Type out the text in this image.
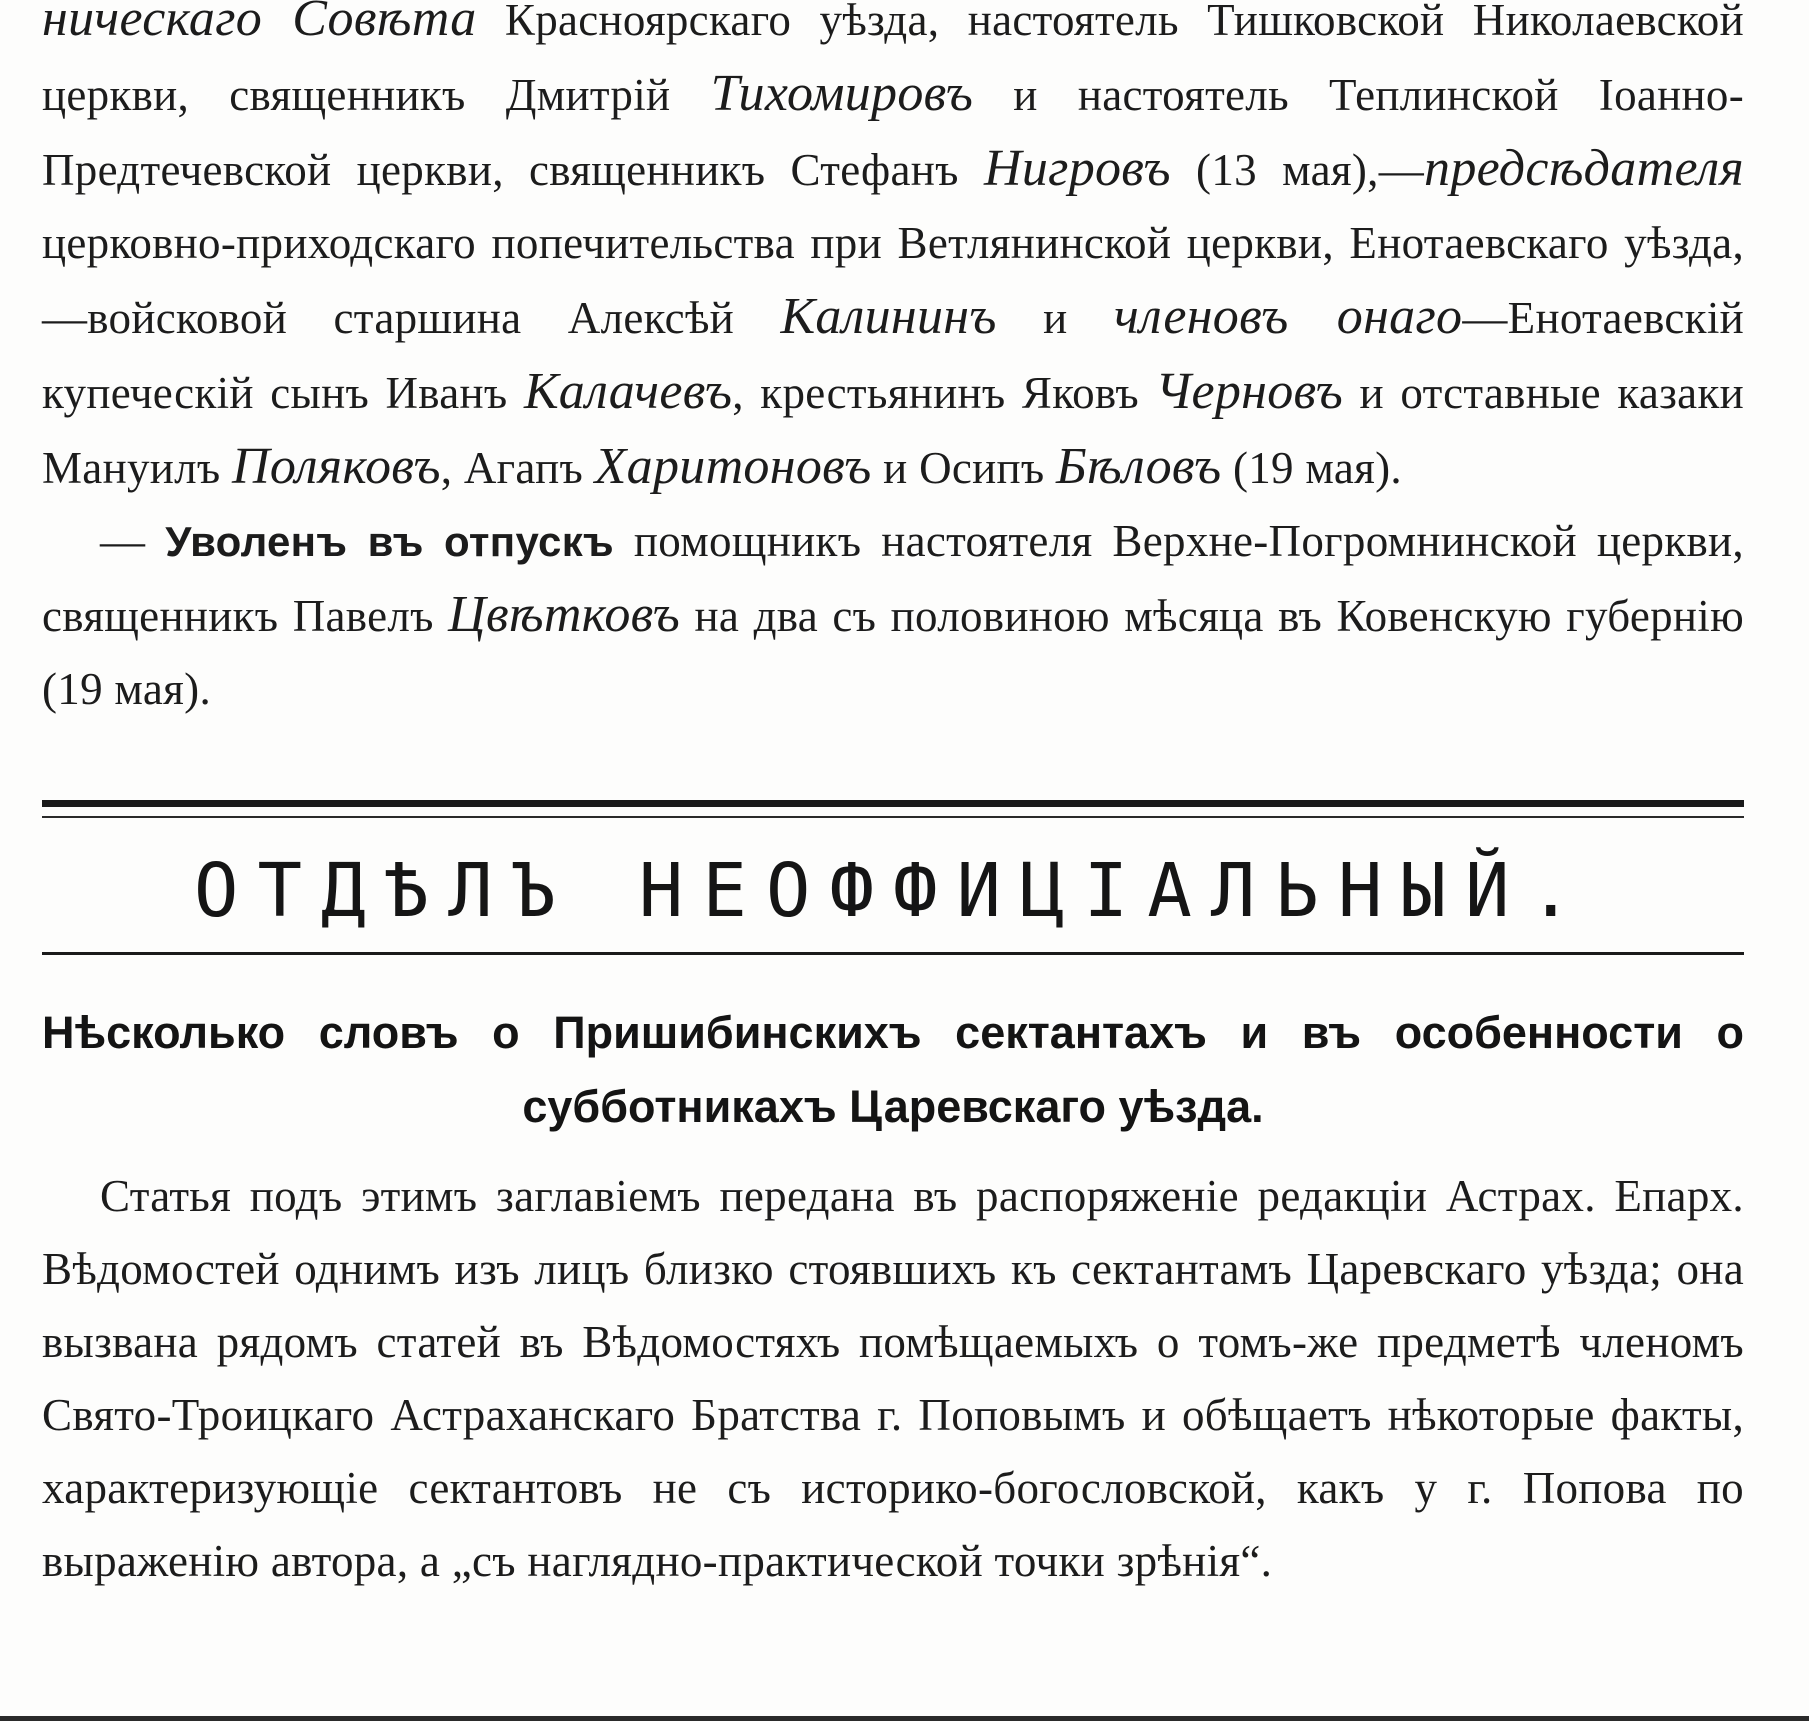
ническаго Совѣта Красноярскаго уѣзда, настоятель Тишковской Николаевской церкви, священникъ Дмитрій Тихомировъ и настоятель Теплинской Іоанно-Предтечевской церкви, священникъ Стефанъ Нигровъ (13 мая),—предсѣдателя церковно-приходскаго попечительства при Ветлянинской церкви, Енотаевскаго уѣзда,—войсковой старшина Алексѣй Калининъ и членовъ онаго—Енотаевскій купеческій сынъ Иванъ Калачевъ, крестьянинъ Яковъ Черновъ и отставные казаки Мануилъ Поляковъ, Агапъ Харитоновъ и Осипъ Бѣловъ (19 мая).

— Уволенъ въ отпускъ помощникъ настоятеля Верхне-Погромнинской церкви, священникъ Павелъ Цвѣтковъ на два съ половиною мѣсяца въ Ковенскую губернію (19 мая).

ОТДѢЛЪ НЕОФФИЦІАЛЬНЫЙ.
Нѣсколько словъ о Пришибинскихъ сектантахъ и въ особенности о
субботникахъ Царевскаго уѣзда.

Статья подъ этимъ заглавіемъ передана въ распоряженіе редакціи Астрах. Епарх. Вѣдомостей однимъ изъ лицъ близко стоявшихъ къ сектантамъ Царевскаго уѣзда; она вызвана рядомъ статей въ Вѣдомостяхъ помѣщаемыхъ о томъ-же предметѣ членомъ Свято-Троицкаго Астраханскаго Братства г. Поповымъ и обѣщаетъ нѣкоторые факты, характеризующіе сектантовъ не съ историко-богословской, какъ у г. Попова по выраженію автора, а „съ наглядно-практической точки зрѣнія“.
